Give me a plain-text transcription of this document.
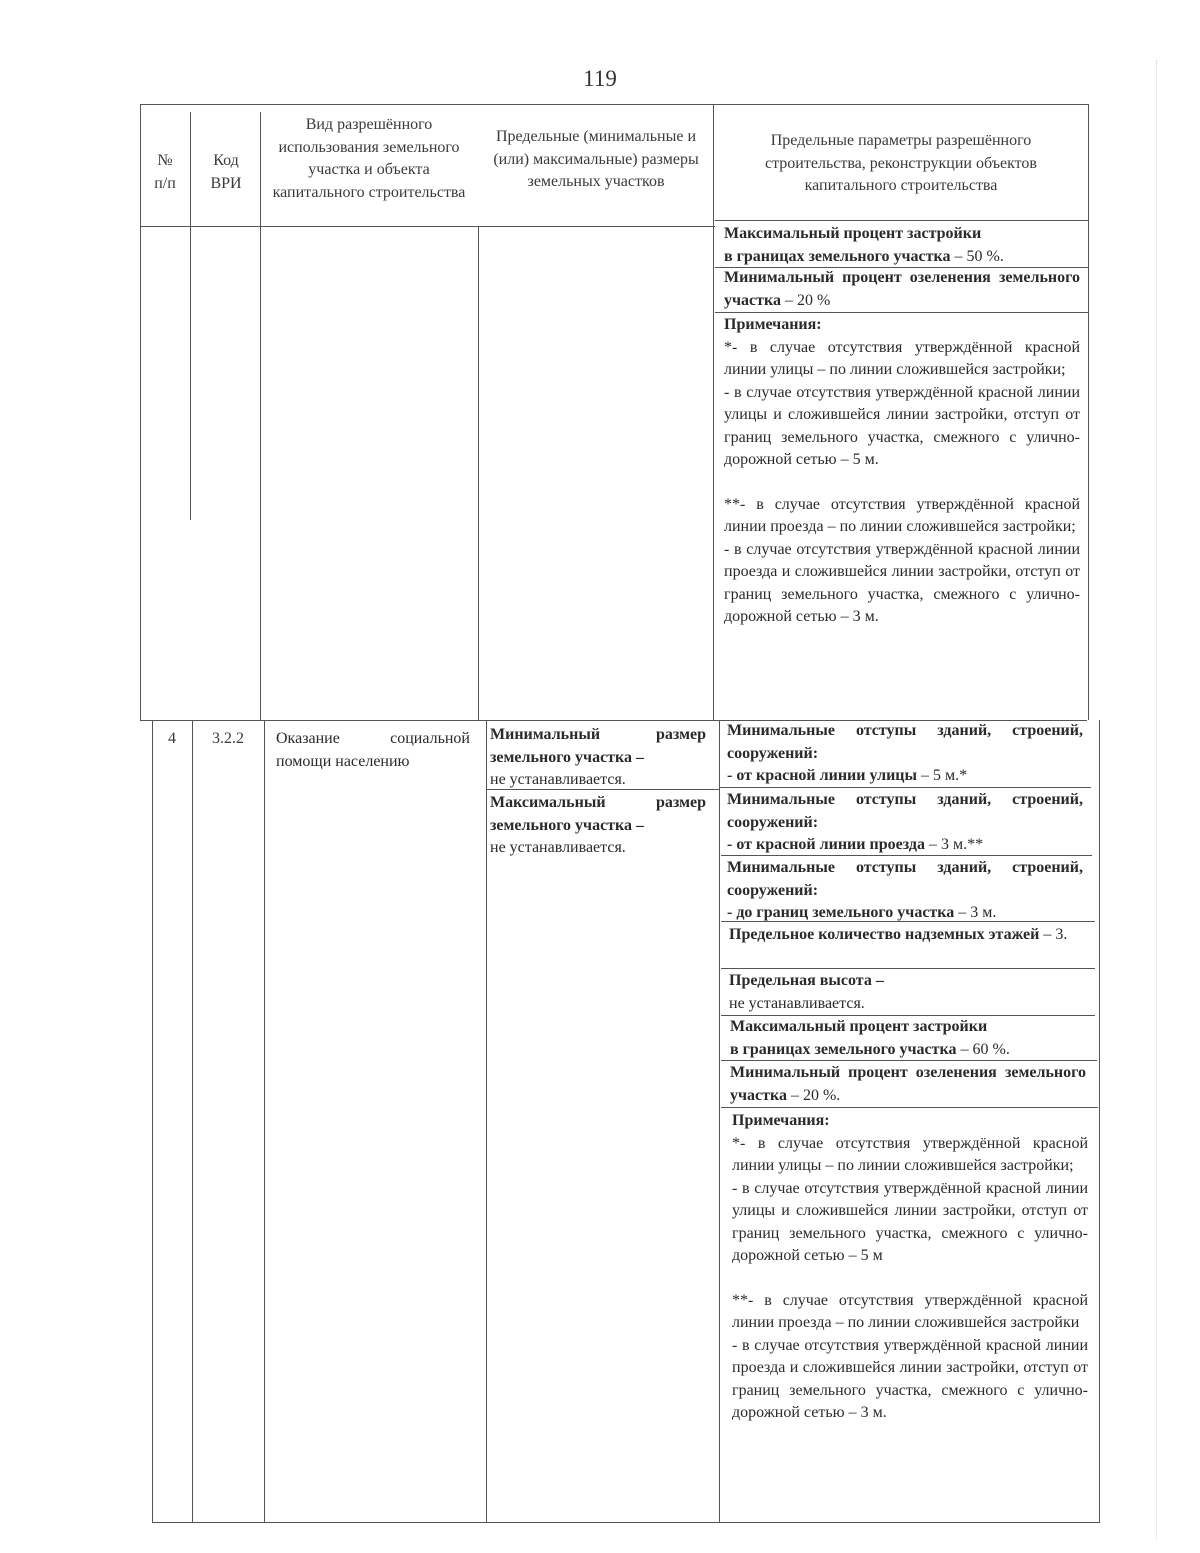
119
№
п/п
Код
ВРИ
Вид разрешённого использования земельного участка и объекта капитального строительства
Предельные (минимальные и (или) максимальные) размеры земельных участков
Предельные параметры разрешённого строительства, реконструкции объектов капитального строительства
Максимальный процент застройки
в границах земельного участка – 50 %.
Минимальный процент озеленения земельного участка – 20 %
Примечания:
*- в случае отсутствия утверждённой красной линии улицы – по линии сложившейся застройки;
- в случае отсутствия утверждённой красной линии улицы и сложившейся линии застройки, отступ от границ земельного участка, смежного с улично-дорожной сетью – 5 м.
**- в случае отсутствия утверждённой красной линии проезда – по линии сложившейся застройки;
- в случае отсутствия утверждённой красной линии проезда и сложившейся линии застройки, отступ от границ земельного участка, смежного с улично-дорожной сетью – 3 м.
4	3.2.2	Оказание социальной помощи населению
Минимальный размер земельного участка –
не устанавливается.
Максимальный размер земельного участка –
не устанавливается.
Минимальные отступы зданий, строений, сооружений:
- от красной линии улицы – 5 м.*
Минимальные отступы зданий, строений, сооружений:
- от красной линии проезда – 3 м.**
Минимальные отступы зданий, строений, сооружений:
- до границ земельного участка – 3 м.
Предельное количество надземных этажей – 3.
Предельная высота –
не устанавливается.
Максимальный процент застройки
в границах земельного участка – 60 %.
Минимальный процент озеленения земельного участка – 20 %.
Примечания:
*- в случае отсутствия утверждённой красной линии улицы – по линии сложившейся застройки;
- в случае отсутствия утверждённой красной линии улицы и сложившейся линии застройки, отступ от границ земельного участка, смежного с улично-дорожной сетью – 5 м
**- в случае отсутствия утверждённой красной линии проезда – по линии сложившейся застройки
- в случае отсутствия утверждённой красной линии проезда и сложившейся линии застройки, отступ от границ земельного участка, смежного с улично-дорожной сетью – 3 м.
